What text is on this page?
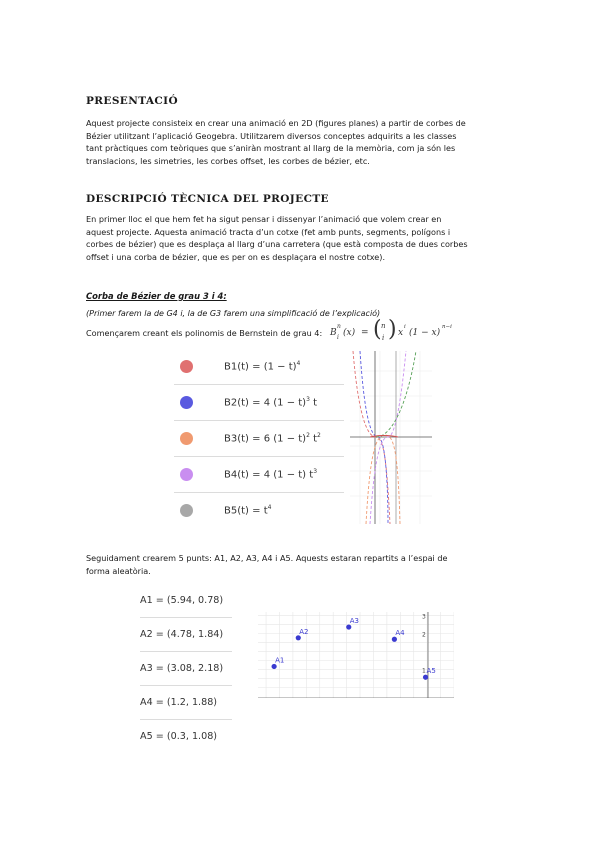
PRESENTACIÓ
Aquest projecte consisteix en crear una animació en 2D (figures planes) a partir de corbes de
Bézier utilitzant l’aplicació Geogebra. Utilitzarem diversos conceptes adquirits a les classes
tant pràctiques com teòriques que s’aniràn mostrant al llarg de la memòria, com ja són les
translacions, les simetries, les corbes offset, les corbes de bézier, etc.
DESCRIPCIÓ TÈCNICA DEL PROJECTE
En primer lloc el que hem fet ha sigut pensar i dissenyar l’animació que volem crear en
aquest projecte. Aquesta animació tracta d’un cotxe (fet amb punts, segments, polígons i
corbes de bézier) que es desplaça al llarg d’una carretera (que està composta de dues corbes
offset i una corba de bézier, que es per on es desplaçara el nostre cotxe).
Corba de Bézier de grau 3 i 4:
(Primer farem la de G4 i, la de G3 farem una simplificació de l’explicació)
Començarem creant els polinomis de Bernstein de grau 4: B
n
i (x) = ( n
i ) x
i
(1 − x)
n−i
$B1(t) = (1 - t)^4$
B2(t) = 4 $(1 - t)^3$ t
B3(t) = 6 $(1 - t)^2$ $t^2$
B4(t) = 4 (1 − t) $t^3$
$B5(t) = t^4$
Seguidament crearem 5 punts: A1, A2, A3, A4 i A5. Aquests estaran repartits a l’espai de
forma aleatòria.
A1
=
(5.94, 0.78)
A2
=
(4.78, 1.84)
A3
=
(3.08, 2.18)
A4
=
(1.2, 1.88)
A5
=
(0.3, 1.08)
3
2
1
A1
A2
A3
A4
A5
